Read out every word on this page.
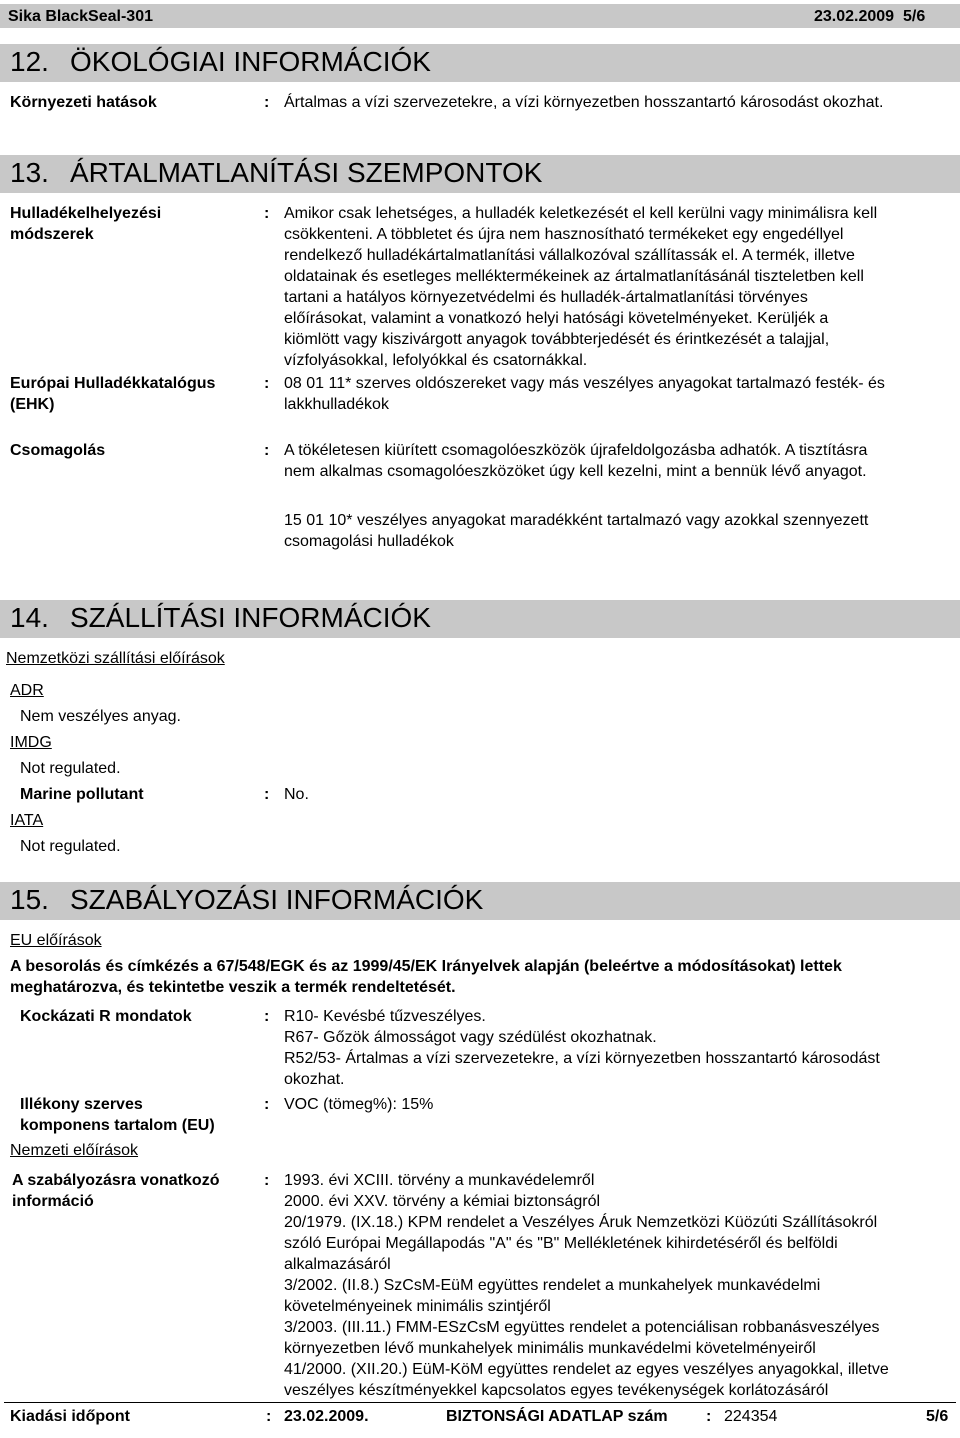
Sika BlackSeal-301	23.02.2009  5/6
12. ÖKOLÓGIAI INFORMÁCIÓK
Környezeti hatások	: Ártalmas a vízi szervezetekre, a vízi környezetben hosszantartó károsodást okozhat.
13. ÁRTALMATLANÍTÁSI SZEMPONTOK
Hulladékelhelyezési
módszerek
: Amikor csak lehetséges, a hulladék keletkezését el kell kerülni vagy minimálisra kell
csökkenteni. A többletet és újra nem hasznosítható termékeket egy engedéllyel
rendelkező hulladékártalmatlanítási vállalkozóval szállítassák el. A termék, illetve
oldatainak és esetleges melléktermékeinek az ártalmatlanításánál tiszteletben kell
tartani a hatályos környezetvédelmi és hulladék-ártalmatlanítási törvényes
előírásokat, valamint a vonatkozó helyi hatósági követelményeket. Kerüljék a
kiömlött vagy kiszivárgott anyagok továbbterjedését és érintkezését a talajjal,
vízfolyásokkal, lefolyókkal és csatornákkal.
Európai Hulladékkatalógus
(EHK)
: 08 01 11* szerves oldószereket vagy más veszélyes anyagokat tartalmazó festék- és
lakkhulladékok
Csomagolás	: A tökéletesen kiürített csomagolóeszközök újrafeldolgozásba adhatók. A tisztításra
nem alkalmas csomagolóeszközöket úgy kell kezelni, mint a bennük lévő anyagot.
15 01 10* veszélyes anyagokat maradékként tartalmazó vagy azokkal szennyezett
csomagolási hulladékok
14. SZÁLLÍTÁSI INFORMÁCIÓK
Nemzetközi szállítási előírások
ADR
Nem veszélyes anyag.
IMDG
Not regulated.
Marine pollutant	: No.
IATA
Not regulated.
15. SZABÁLYOZÁSI INFORMÁCIÓK
EU előírások
A besorolás és címkézés a 67/548/EGK és az 1999/45/EK Irányelvek alapján (beleértve a módosításokat) lettek
meghatározva, és tekintetbe veszik a termék rendeltetését.
Kockázati R mondatok	: R10- Kevésbé tűzveszélyes.
R67- Gőzök álmosságot vagy szédülést okozhatnak.
R52/53- Ártalmas a vízi szervezetekre, a vízi környezetben hosszantartó károsodást
okozhat.
Illékony szerves
komponens tartalom (EU)
: VOC (tömeg%): 15%
Nemzeti előírások
A szabályozásra vonatkozó
információ
: 1993. évi XCIII. törvény a munkavédelemről
2000. évi XXV. törvény a kémiai biztonságról
20/1979. (IX.18.) KPM rendelet a Veszélyes Áruk Nemzetközi Küözúti Szállításokról
szóló Európai Megállapodás "A" és "B" Mellékletének kihirdetéséről és belföldi
alkalmazásáról
3/2002. (II.8.) SzCsM-EüM együttes rendelet a munkahelyek munkavédelmi
követelményeinek minimális szintjéről
3/2003. (III.11.) FMM-ESzCsM együttes rendelet a potenciálisan robbanásveszélyes
környezetben lévő munkahelyek minimális munkavédelmi követelményeiről
41/2000. (XII.20.) EüM-KöM együttes rendelet az egyes veszélyes anyagokkal, illetve
veszélyes készítményekkel kapcsolatos egyes tevékenységek korlátozásáról
Kiadási időpont	: 23.02.2009.	BIZTONSÁGI ADATLAP szám : 224354	5/6
